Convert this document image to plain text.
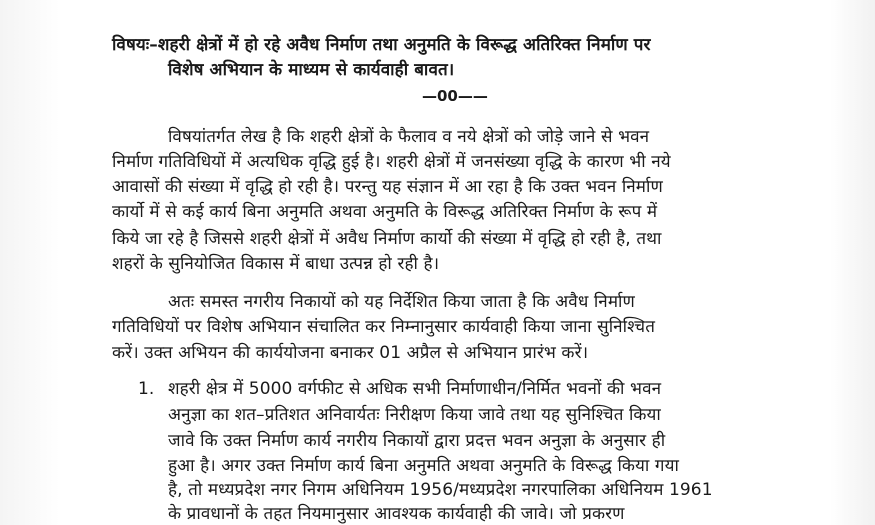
विषयः–शहरी क्षेत्रों में हो रहे अवैध निर्माण तथा अनुमति के विरूद्ध अतिरिक्त निर्माण पर
विशेष अभियान के माध्यम से कार्यवाही बावत।
—00——
विषयांतर्गत लेख है कि शहरी क्षेत्रों के फैलाव व नये क्षेत्रों को जोड़े जाने से भवन
निर्माण गतिविधियों में अत्यधिक वृद्धि हुई है। शहरी क्षेत्रों में जनसंख्या वृद्धि के कारण भी नये
आवासों की संख्या में वृद्धि हो रही है। परन्तु यह संज्ञान में आ रहा है कि उक्त भवन निर्माण
कार्यो में से कई कार्य बिना अनुमति अथवा अनुमति के विरूद्ध अतिरिक्त निर्माण के रूप में
किये जा रहे है जिससे शहरी क्षेत्रों में अवैध निर्माण कार्यो की संख्या में वृद्धि हो रही है, तथा
शहरों के सुनियोजित विकास में बाधा उत्पन्न हो रही है।
अतः समस्त नगरीय निकायों को यह निर्देशित किया जाता है कि अवैध निर्माण
गतिविधियों पर विशेष अभियान संचालित कर निम्नानुसार कार्यवाही किया जाना सुनिश्चित
करें। उक्त अभियन की कार्ययोजना बनाकर 01 अप्रैल से अभियान प्रारंभ करें।
1. शहरी क्षेत्र में 5000 वर्गफीट से अधिक सभी निर्माणाधीन/निर्मित भवनों की भवन
अनुज्ञा का शत–प्रतिशत अनिवार्यतः निरीक्षण किया जावे तथा यह सुनिश्चित किया
जावे कि उक्त निर्माण कार्य नगरीय निकायों द्वारा प्रदत्त भवन अनुज्ञा के अनुसार ही
हुआ है। अगर उक्त निर्माण कार्य बिना अनुमति अथवा अनुमति के विरूद्ध किया गया
है, तो मध्यप्रदेश नगर निगम अधिनियम 1956/मध्यप्रदेश नगरपालिका अधिनियम 1961
के प्रावधानों के तहत नियमानुसार आवश्यक कार्यवाही की जावे। जो प्रकरण
